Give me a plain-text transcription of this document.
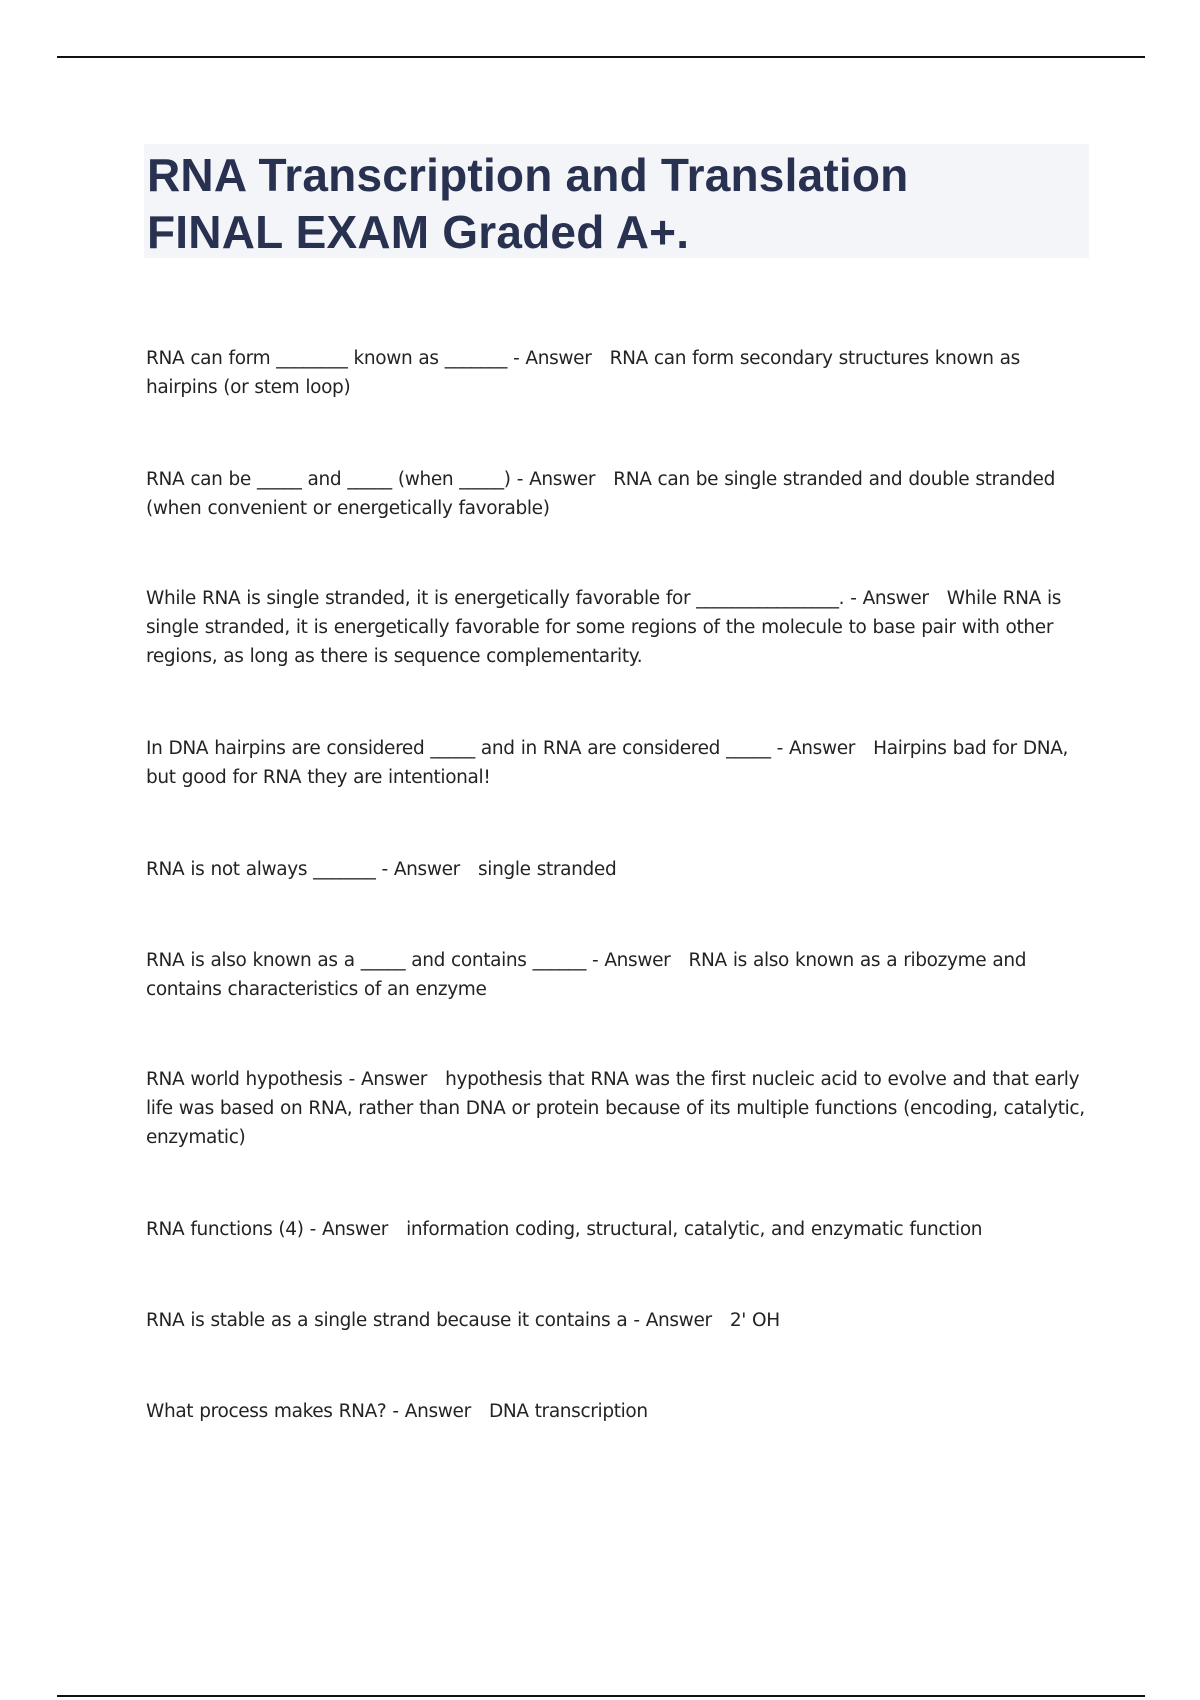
RNA Transcription and Translation
FINAL EXAM Graded A+.
RNA can form ________ known as _______ - Answer   RNA can form secondary structures known as hairpins (or stem loop)
RNA can be _____ and _____ (when _____) - Answer   RNA can be single stranded and double stranded (when convenient or energetically favorable)
While RNA is single stranded, it is energetically favorable for ________________. - Answer   While RNA is single stranded, it is energetically favorable for some regions of the molecule to base pair with other regions, as long as there is sequence complementarity.
In DNA hairpins are considered _____ and in RNA are considered _____ - Answer   Hairpins bad for DNA, but good for RNA they are intentional!
RNA is not always _______ - Answer   single stranded
RNA is also known as a _____ and contains ______ - Answer   RNA is also known as a ribozyme and contains characteristics of an enzyme
RNA world hypothesis - Answer   hypothesis that RNA was the first nucleic acid to evolve and that early life was based on RNA, rather than DNA or protein because of its multiple functions (encoding, catalytic, enzymatic)
RNA functions (4) - Answer   information coding, structural, catalytic, and enzymatic function
RNA is stable as a single strand because it contains a - Answer   2' OH
What process makes RNA? - Answer   DNA transcription
